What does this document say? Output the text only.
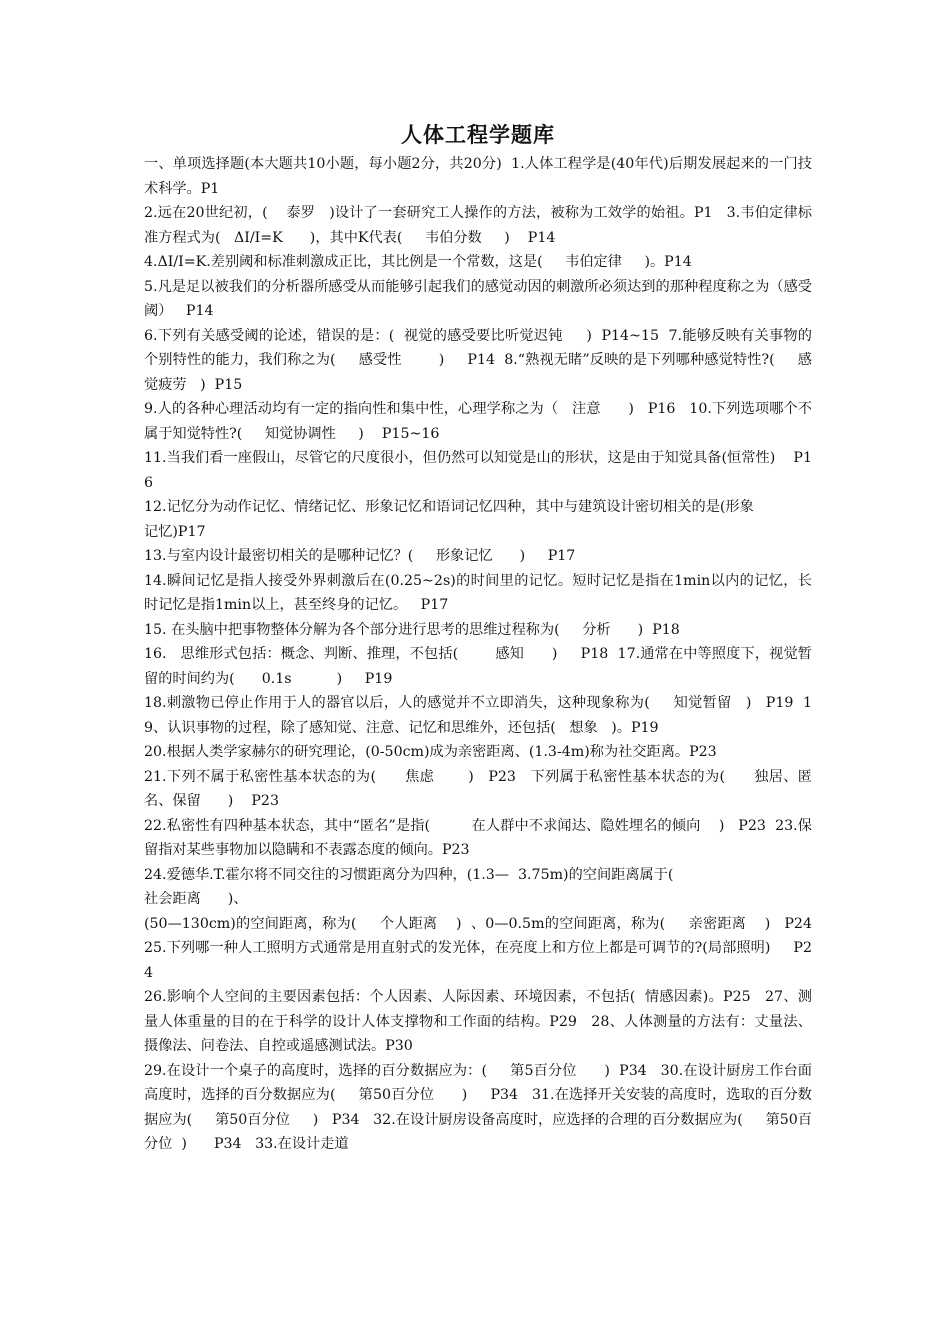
人体工程学题库

一、单项选择题(本大题共10小题，每小题2分，共20分)  1.人体工程学是(40年代)后期发展起来的一门技术科学。P1

2.远在20世纪初，(    泰罗   )设计了一套研究工人操作的方法，被称为工效学的始祖。P1   3.韦伯定律标准方程式为(   ΔI/I=K      )，其中K代表(     韦伯分数     )    P14

4.ΔI/I=K.差别阈和标准刺激成正比，其比例是一个常数，这是(     韦伯定律     )。P14

5.凡是足以被我们的分析器所感受从而能够引起我们的感觉动因的刺激所必须达到的那种程度称之为（感受阈）   P14

6.下列有关感受阈的论述，错误的是：(  视觉的感受要比听觉迟钝     )  P14~15  7.能够反映有关事物的个别特性的能力，我们称之为(     感受性        )     P14  8.“熟视无睹”反映的是下列哪种感觉特性?(     感觉疲劳   )  P15

9.人的各种心理活动均有一定的指向性和集中性，心理学称之为（   注意      )   P16   10.下列选项哪个不属于知觉特性?(     知觉协调性     )    P15~16

11.当我们看一座假山，尽管它的尺度很小，但仍然可以知觉是山的形状，这是由于知觉具备(恒常性)    P16

12.记忆分为动作记忆、情绪记忆、形象记忆和语词记忆四种，其中与建筑设计密切相关的是(形象
记忆)P17

13.与室内设计最密切相关的是哪种记忆？(     形象记忆      )     P17

14.瞬间记忆是指人接受外界刺激后在(0.25~2s)的时间里的记忆。短时记忆是指在1min以内的记忆，长时记忆是指1min以上，甚至终身的记忆。   P17

15. 在头脑中把事物整体分解为各个部分进行思考的思维过程称为(     分析      )  P18

16.   思维形式包括：概念、判断、推理，不包括(        感知      )     P18  17.通常在中等照度下，视觉暂留的时间约为(      0.1s          )     P19

18.刺激物已停止作用于人的器官以后，人的感觉并不立即消失，这种现象称为(     知觉暂留   )   P19  19、认识事物的过程，除了感知觉、注意、记忆和思维外，还包括(   想象   )。P19

20.根据人类学家赫尔的研究理论，(0-50cm)成为亲密距离、(1.3-4m)称为社交距离。P23

21.下列不属于私密性基本状态的为(      焦虑       )   P23   下列属于私密性基本状态的为(      独居、匿名、保留      )    P23

22.私密性有四种基本状态，其中“匿名”是指(         在人群中不求闻达、隐姓埋名的倾向    )   P23  23.保留指对某些事物加以隐瞒和不表露态度的倾向。P23

24.爱德华.T.霍尔将不同交往的习惯距离分为四种，(1.3—  3.75m)的空间距离属于(
社会距离      )、
(50—130cm)的空间距离，称为(     个人距离    )  、0—0.5m的空间距离，称为(     亲密距离    )   P24  25.下列哪一种人工照明方式通常是用直射式的发光体，在亮度上和方位上都是可调节的?(局部照明)     P24

26.影响个人空间的主要因素包括：个人因素、人际因素、环境因素，不包括(  情感因素)。P25   27、测量人体重量的目的在于科学的设计人体支撑物和工作面的结构。P29   28、人体测量的方法有：丈量法、摄像法、问卷法、自控或遥感测试法。P30

29.在设计一个桌子的高度时，选择的百分数据应为：(     第5百分位      )  P34   30.在设计厨房工作台面高度时，选择的百分数据应为(     第50百分位      )     P34   31.在选择开关安装的高度时，选取的百分数据应为(     第50百分位     )   P34   32.在设计厨房设备高度时，应选择的合理的百分数据应为(     第50百分位  )      P34   33.在设计走道
